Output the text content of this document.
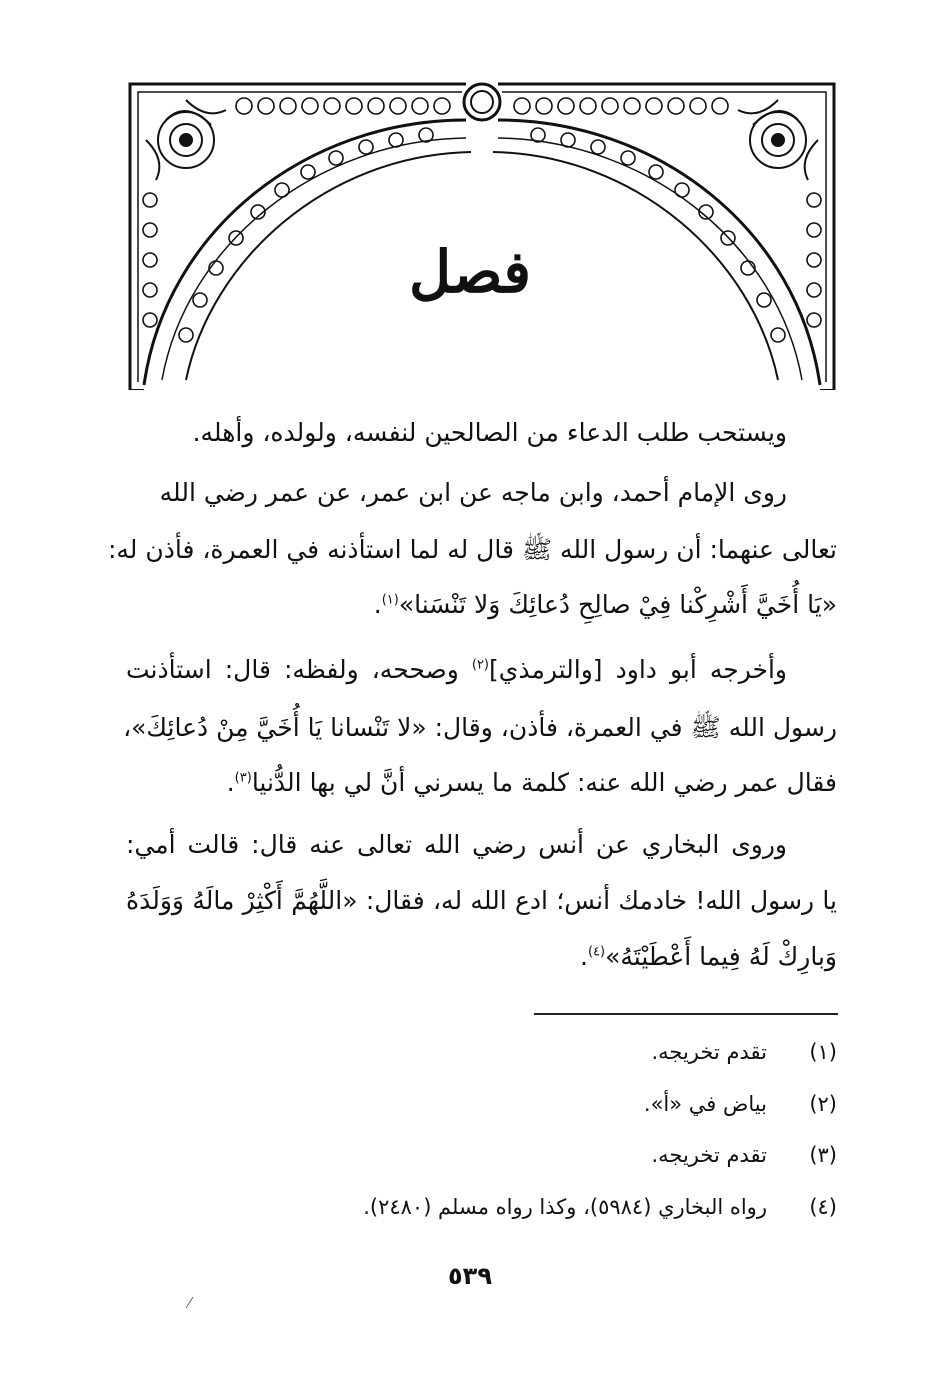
فصل
ويستحب طلب الدعاء من الصالحين لنفسه، ولولده، وأهله.
روى الإمام أحمد، وابن ماجه عن ابن عمر، عن عمر رضي الله
تعالى عنهما: أن رسول الله ﷺ قال له لما استأذنه في العمرة، فأذن له:
«يَا أُخَيَّ أَشْرِكْنا فِيْ صالِحِ دُعائِكَ وَلا تَنْسَنا»$^{(١)}$.
وأخرجه أبو داود [والترمذي]$^{(٢)}$ وصححه، ولفظه: قال: استأذنت
رسول الله ﷺ في العمرة، فأذن، وقال: «لا تَنْسانا يَا أُخَيَّ مِنْ دُعائِكَ»،
فقال عمر رضي الله عنه: كلمة ما يسرني أنَّ لي بها الدُّنيا$^{(٣)}$.
وروى البخاري عن أنس رضي الله تعالى عنه قال: قالت أمي:
يا رسول الله! خادمك أنس؛ ادع الله له، فقال: «اللَّهُمَّ أَكْثِرْ مالَهُ وَوَلَدَهُ
وَبارِكْ لَهُ فِيما أَعْطَيْتَهُ»$^{(٤)}$.
(١)   تقدم تخريجه.
(٢)   بياض في «أ».
(٣)   تقدم تخريجه.
(٤)   رواه البخاري (٥٩٨٤)، وكذا رواه مسلم (٢٤٨٠).
٥٣٩
